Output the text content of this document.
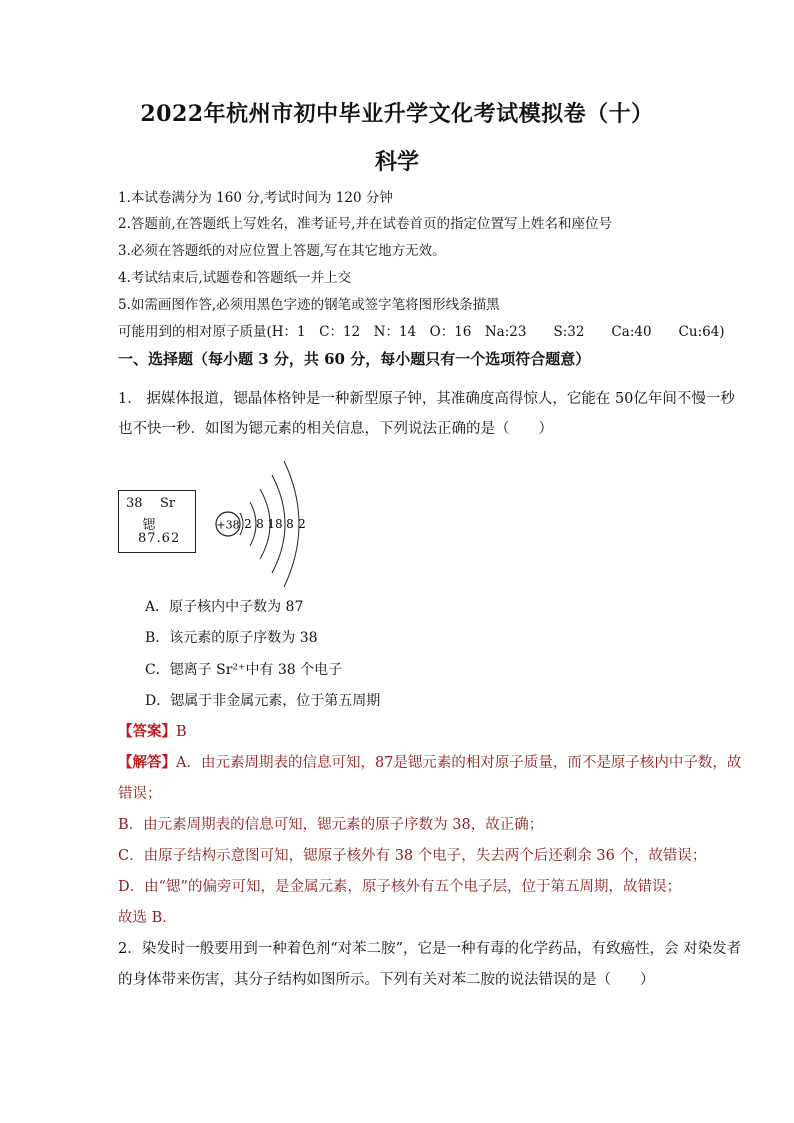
2022年杭州市初中毕业升学文化考试模拟卷（十）
科学
1.本试卷满分为 160 分,考试时间为 120 分钟
2.答题前,在答题纸上写姓名，准考证号,并在试卷首页的指定位置写上姓名和座位号
3.必须在答题纸的对应位置上答题,写在其它地方无效。
4.考试结束后,试题卷和答题纸一并上交
5.如需画图作答,必须用黑色字迹的钢笔或签字笔将图形线条描黑
可能用到的相对原子质量(H：1　C：12　N：14　O：16　Na:23　　S:32　　Ca:40　　Cu:64)
一、选择题（每小题 3 分，共 60 分，每小题只有一个选项符合题意）
1． 据媒体报道，锶晶体格钟是一种新型原子钟，其准确度高得惊人，它能在 50亿年间不慢一秒
也不快一秒．如图为锶元素的相关信息，下列说法正确的是（　　）
38 Sr
锶
87.62
+38 2 8 18 8 2
A．原子核内中子数为 87
B．该元素的原子序数为 38
C．锶离子 Sr²⁺中有 38 个电子
D．锶属于非金属元素，位于第五周期
【答案】B
【解答】A．由元素周期表的信息可知，87是锶元素的相对原子质量，而不是原子核内中子数，故
错误；
B．由元素周期表的信息可知，锶元素的原子序数为 38，故正确；
C．由原子结构示意图可知，锶原子核外有 38 个电子，失去两个后还剩余 36 个，故错误；
D．由“锶”的偏旁可知，是金属元素，原子核外有五个电子层，位于第五周期，故错误；
故选 B．
2．染发时一般要用到一种着色剂“对苯二胺”，它是一种有毒的化学药品，有致癌性，会 对染发者
的身体带来伤害，其分子结构如图所示。下列有关对苯二胺的说法错误的是（　　）
